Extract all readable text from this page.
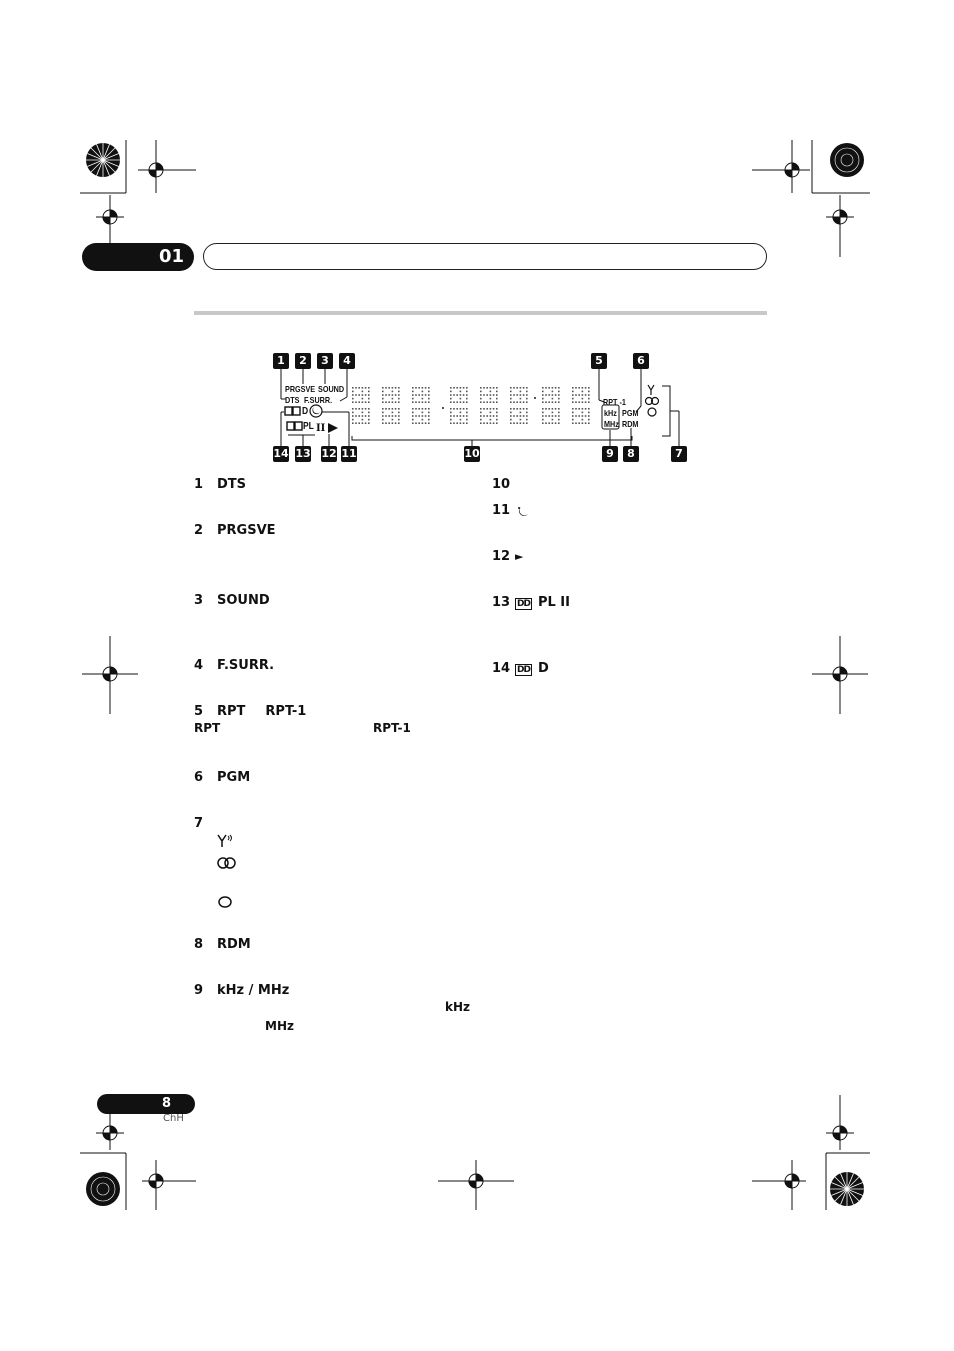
01
1	2	3	4	5	6
14 13 12 11	10	9	8	7
PRGSVE SOUND
DTS F.SURR.	RPT -1
kHz
MHz
PGM
RDM
D
PL II
1 DTS
2 PRGSVE
3 SOUND
4 F.SURR.
5 RPT RPT-1
RPT	RPT-1
6 PGM
7
8 RDM
9 kHz / MHz
kHz
MHz
10
11
12 ►
13 DD PL II
14 DD D
8
ChH
